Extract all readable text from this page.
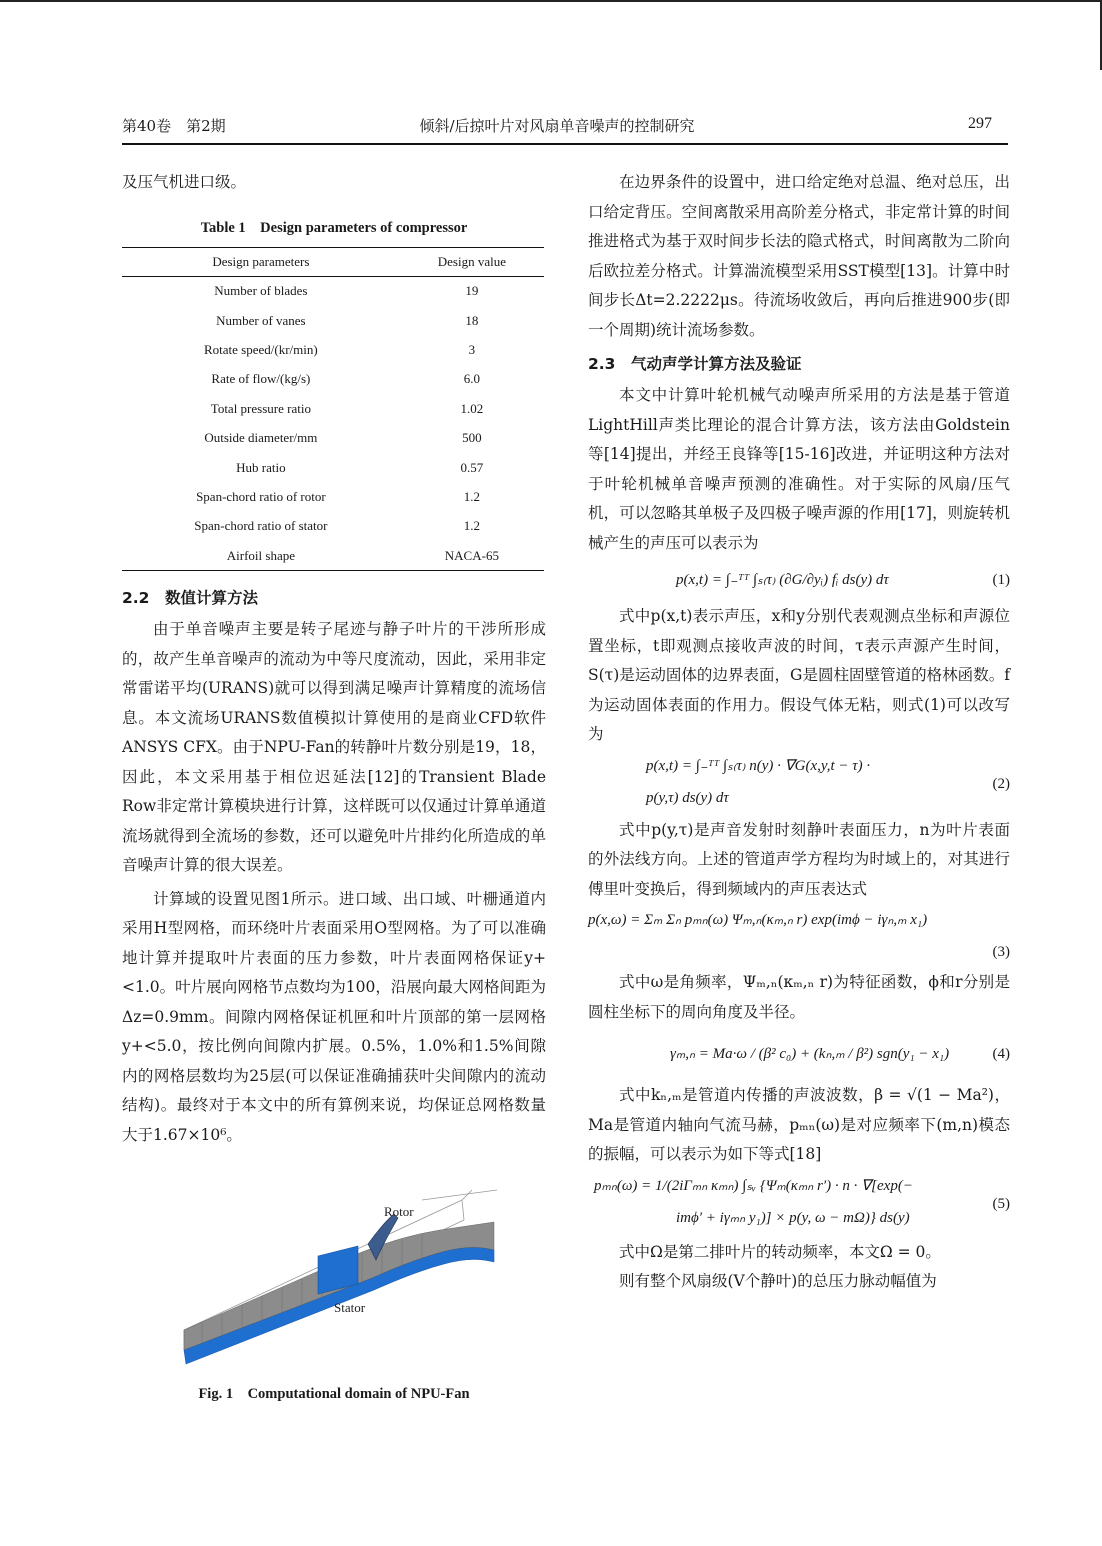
第40卷　第2期	倾斜/后掠叶片对风扇单音噪声的控制研究	297

及压气机进口级。

Table 1　Design parameters of compressor
Design parameters	Design value
Number of blades	19
Number of vanes	18
Rotate speed/(kr/min)	3
Rate of flow/(kg/s)	6.0
Total pressure ratio	1.02
Outside diameter/mm	500
Hub ratio	0.57
Span-chord ratio of rotor	1.2
Span-chord ratio of stator	1.2
Airfoil shape	NACA-65
2.2　数值计算方法

由于单音噪声主要是转子尾迹与静子叶片的干涉所形成的，故产生单音噪声的流动为中等尺度流动，因此，采用非定常雷诺平均(URANS)就可以得到满足噪声计算精度的流场信息。本文流场URANS数值模拟计算使用的是商业CFD软件ANSYS CFX。由于NPU-Fan的转静叶片数分别是19，18，因此，本文采用基于相位迟延法[12]的Transient Blade Row非定常计算模块进行计算，这样既可以仅通过计算单通道流场就得到全流场的参数，还可以避免叶片排约化所造成的单音噪声计算的很大误差。

计算域的设置见图1所示。进口域、出口域、叶栅通道内采用H型网格，而环绕叶片表面采用O型网格。为了可以准确地计算并提取叶片表面的压力参数，叶片表面网格保证y+<1.0。叶片展向网格节点数均为100，沿展向最大网格间距为Δz=0.9mm。间隙内网格保证机匣和叶片顶部的第一层网格y+<5.0，按比例向间隙内扩展。0.5%，1.0%和1.5%间隙内的网格层数均为25层(可以保证准确捕获叶尖间隙内的流动结构)。最终对于本文中的所有算例来说，均保证总网格数量大于1.67×10⁶。

Rotor
Stator
Fig. 1　Computational domain of NPU-Fan

在边界条件的设置中，进口给定绝对总温、绝对总压，出口给定背压。空间离散采用高阶差分格式，非定常计算的时间推进格式为基于双时间步长法的隐式格式，时间离散为二阶向后欧拉差分格式。计算湍流模型采用SST模型[13]。计算中时间步长Δt=2.2222μs。待流场收敛后，再向后推进900步(即一个周期)统计流场参数。

2.3　气动声学计算方法及验证

本文中计算叶轮机械气动噪声所采用的方法是基于管道LightHill声类比理论的混合计算方法，该方法由Goldstein等[14]提出，并经王良锋等[15-16]改进，并证明这种方法对于叶轮机械单音噪声预测的准确性。对于实际的风扇/压气机，可以忽略其单极子及四极子噪声源的作用[17]，则旋转机械产生的声压可以表示为

p(x,t) = ∫₋ᵀᵀ ∫ₛ₍τ₎ (∂G/∂yᵢ) fᵢ ds(y) dτ	(1)

式中p(x,t)表示声压，x和y分别代表观测点坐标和声源位置坐标，t即观测点接收声波的时间，τ表示声源产生时间，S(τ)是运动固体的边界表面，G是圆柱固壁管道的格林函数。f为运动固体表面的作用力。假设气体无粘，则式(1)可以改写为

p(x,t) = ∫₋ᵀᵀ ∫ₛ₍τ₎ n(y) · ∇G(x,y,t − τ) ·
p(y,τ) ds(y) dτ
(2)

式中p(y,τ)是声音发射时刻静叶表面压力，n为叶片表面的外法线方向。上述的管道声学方程均为时域上的，对其进行傅里叶变换后，得到频域内的声压表达式

p(x,ω) = Σₘ Σₙ pₘₙ(ω) Ψₘ,ₙ(κₘ,ₙ r) exp(imϕ − iγₙ,ₘ x₁)
(3)

式中ω是角频率，Ψₘ,ₙ(κₘ,ₙ r)为特征函数，ϕ和r分别是圆柱坐标下的周向角度及半径。

γₘ,ₙ = Ma·ω / (β² c₀) + (kₙ,ₘ / β²) sgn(y₁ − x₁)	(4)

式中kₙ,ₘ是管道内传播的声波波数，β = √(1 − Ma²)，Ma是管道内轴向气流马赫，pₘₙ(ω)是对应频率下(m,n)模态的振幅，可以表示为如下等式[18]

pₘₙ(ω) = 1/(2iΓₘₙ κₘₙ) ∫ₛᵥ {Ψₘ(κₘₙ r′) · n · ∇[exp(−
imϕ′ + iγₘₙ y₁)] × p(y, ω − mΩ)} ds(y)
(5)

式中Ω是第二排叶片的转动频率，本文Ω = 0。

则有整个风扇级(V个静叶)的总压力脉动幅值为
